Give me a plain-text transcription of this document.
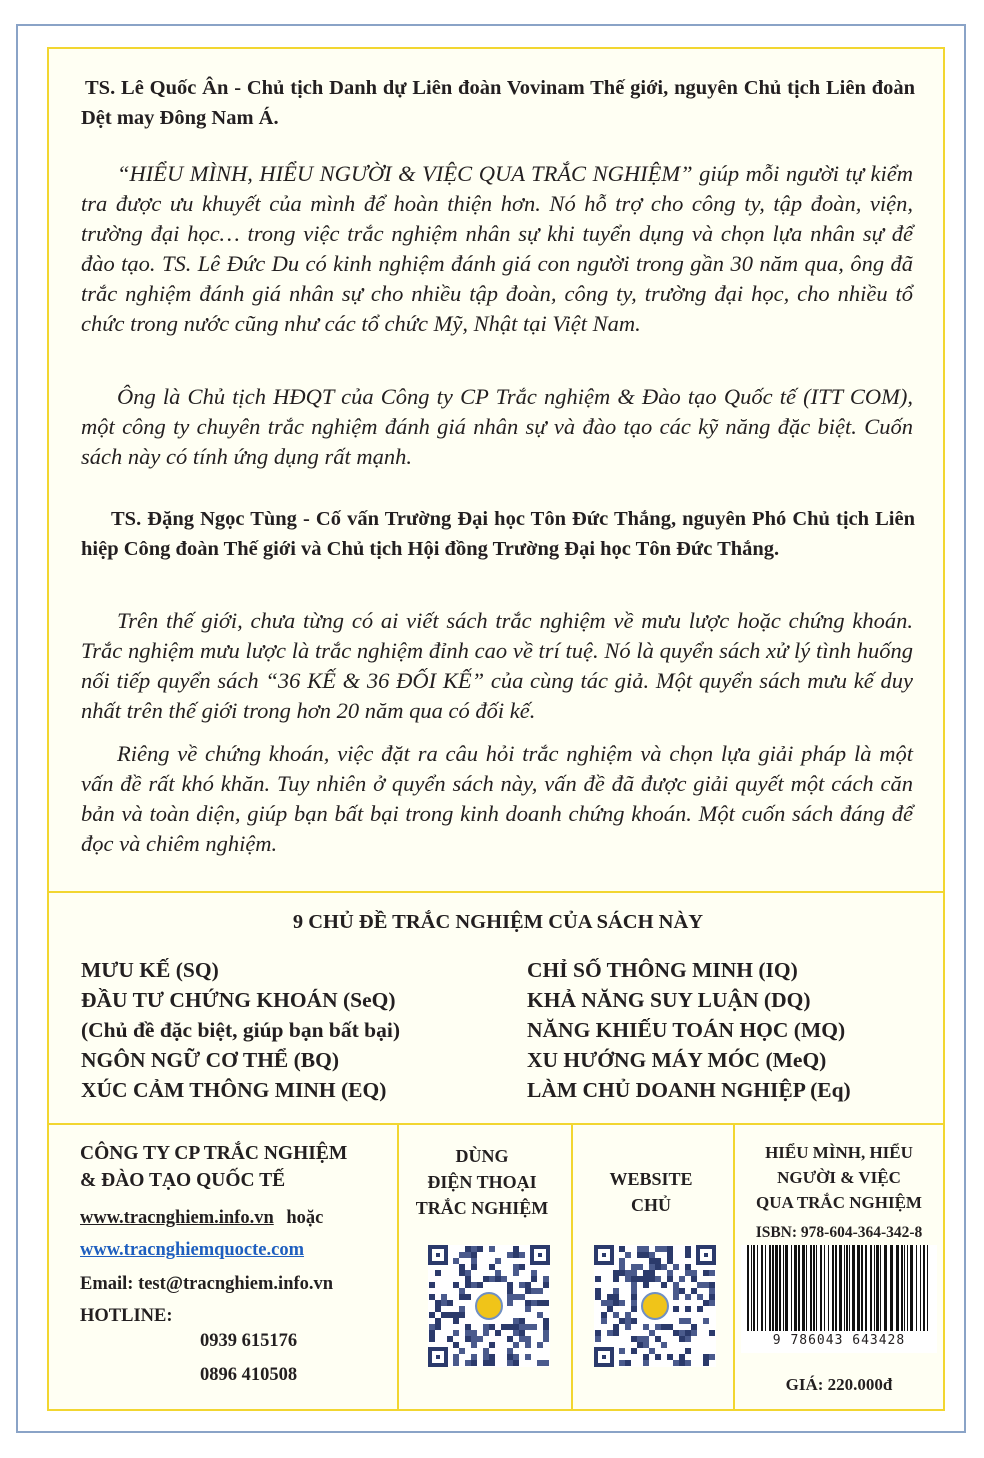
TS. Lê Quốc Ân - Chủ tịch Danh dự Liên đoàn Vovinam Thế giới, nguyên Chủ tịch Liên đoàn Dệt may Đông Nam Á.

“HIỂU MÌNH, HIỂU NGƯỜI & VIỆC QUA TRẮC NGHIỆM” giúp mỗi người tự kiểm tra được ưu khuyết của mình để hoàn thiện hơn. Nó hỗ trợ cho công ty, tập đoàn, viện, trường đại học… trong việc trắc nghiệm nhân sự khi tuyển dụng và chọn lựa nhân sự để đào tạo. TS. Lê Đức Du có kinh nghiệm đánh giá con người trong gần 30 năm qua, ông đã trắc nghiệm đánh giá nhân sự cho nhiều tập đoàn, công ty, trường đại học, cho nhiều tổ chức trong nước cũng như các tổ chức Mỹ, Nhật tại Việt Nam.

Ông là Chủ tịch HĐQT của Công ty CP Trắc nghiệm & Đào tạo Quốc tế (ITT COM), một công ty chuyên trắc nghiệm đánh giá nhân sự và đào tạo các kỹ năng đặc biệt. Cuốn sách này có tính ứng dụng rất mạnh.

TS. Đặng Ngọc Tùng - Cố vấn Trường Đại học Tôn Đức Thắng, nguyên Phó Chủ tịch Liên hiệp Công đoàn Thế giới và Chủ tịch Hội đồng Trường Đại học Tôn Đức Thắng.

Trên thế giới, chưa từng có ai viết sách trắc nghiệm về mưu lược hoặc chứng khoán. Trắc nghiệm mưu lược là trắc nghiệm đỉnh cao về trí tuệ. Nó là quyển sách xử lý tình huống nối tiếp quyển sách “36 KẾ & 36 ĐỐI KẾ” của cùng tác giả. Một quyển sách mưu kế duy nhất trên thế giới trong hơn 20 năm qua có đối kế.

Riêng về chứng khoán, việc đặt ra câu hỏi trắc nghiệm và chọn lựa giải pháp là một vấn đề rất khó khăn. Tuy nhiên ở quyển sách này, vấn đề đã được giải quyết một cách căn bản và toàn diện, giúp bạn bất bại trong kinh doanh chứng khoán. Một cuốn sách đáng để đọc và chiêm nghiệm.

9 CHỦ ĐỀ TRẮC NGHIỆM CỦA SÁCH NÀY
MƯU KẾ (SQ)
ĐẦU TƯ CHỨNG KHOÁN (SeQ)
(Chủ đề đặc biệt, giúp bạn bất bại)
NGÔN NGỮ CƠ THỂ (BQ)
XÚC CẢM THÔNG MINH (EQ)
CHỈ SỐ THÔNG MINH (IQ)
KHẢ NĂNG SUY LUẬN (DQ)
NĂNG KHIẾU TOÁN HỌC (MQ)
XU HƯỚNG MÁY MÓC (MeQ)
LÀM CHỦ DOANH NGHIỆP (Eq)
CÔNG TY CP TRẮC NGHIỆM
& ĐÀO TẠO QUỐC TẾ
www.tracnghiem.info.vn hoặc
www.tracnghiemquocte.com
Email: test@tracnghiem.info.vn
HOTLINE:
0939 615176
0896 410508
DÙNG
ĐIỆN THOẠI
TRẮC NGHIỆM
WEBSITE
CHỦ
HIỂU MÌNH, HIỂU
NGƯỜI & VIỆC
QUA TRẮC NGHIỆM
ISBN: 978-604-364-342-8
9 786043 643428
GIÁ: 220.000đ
